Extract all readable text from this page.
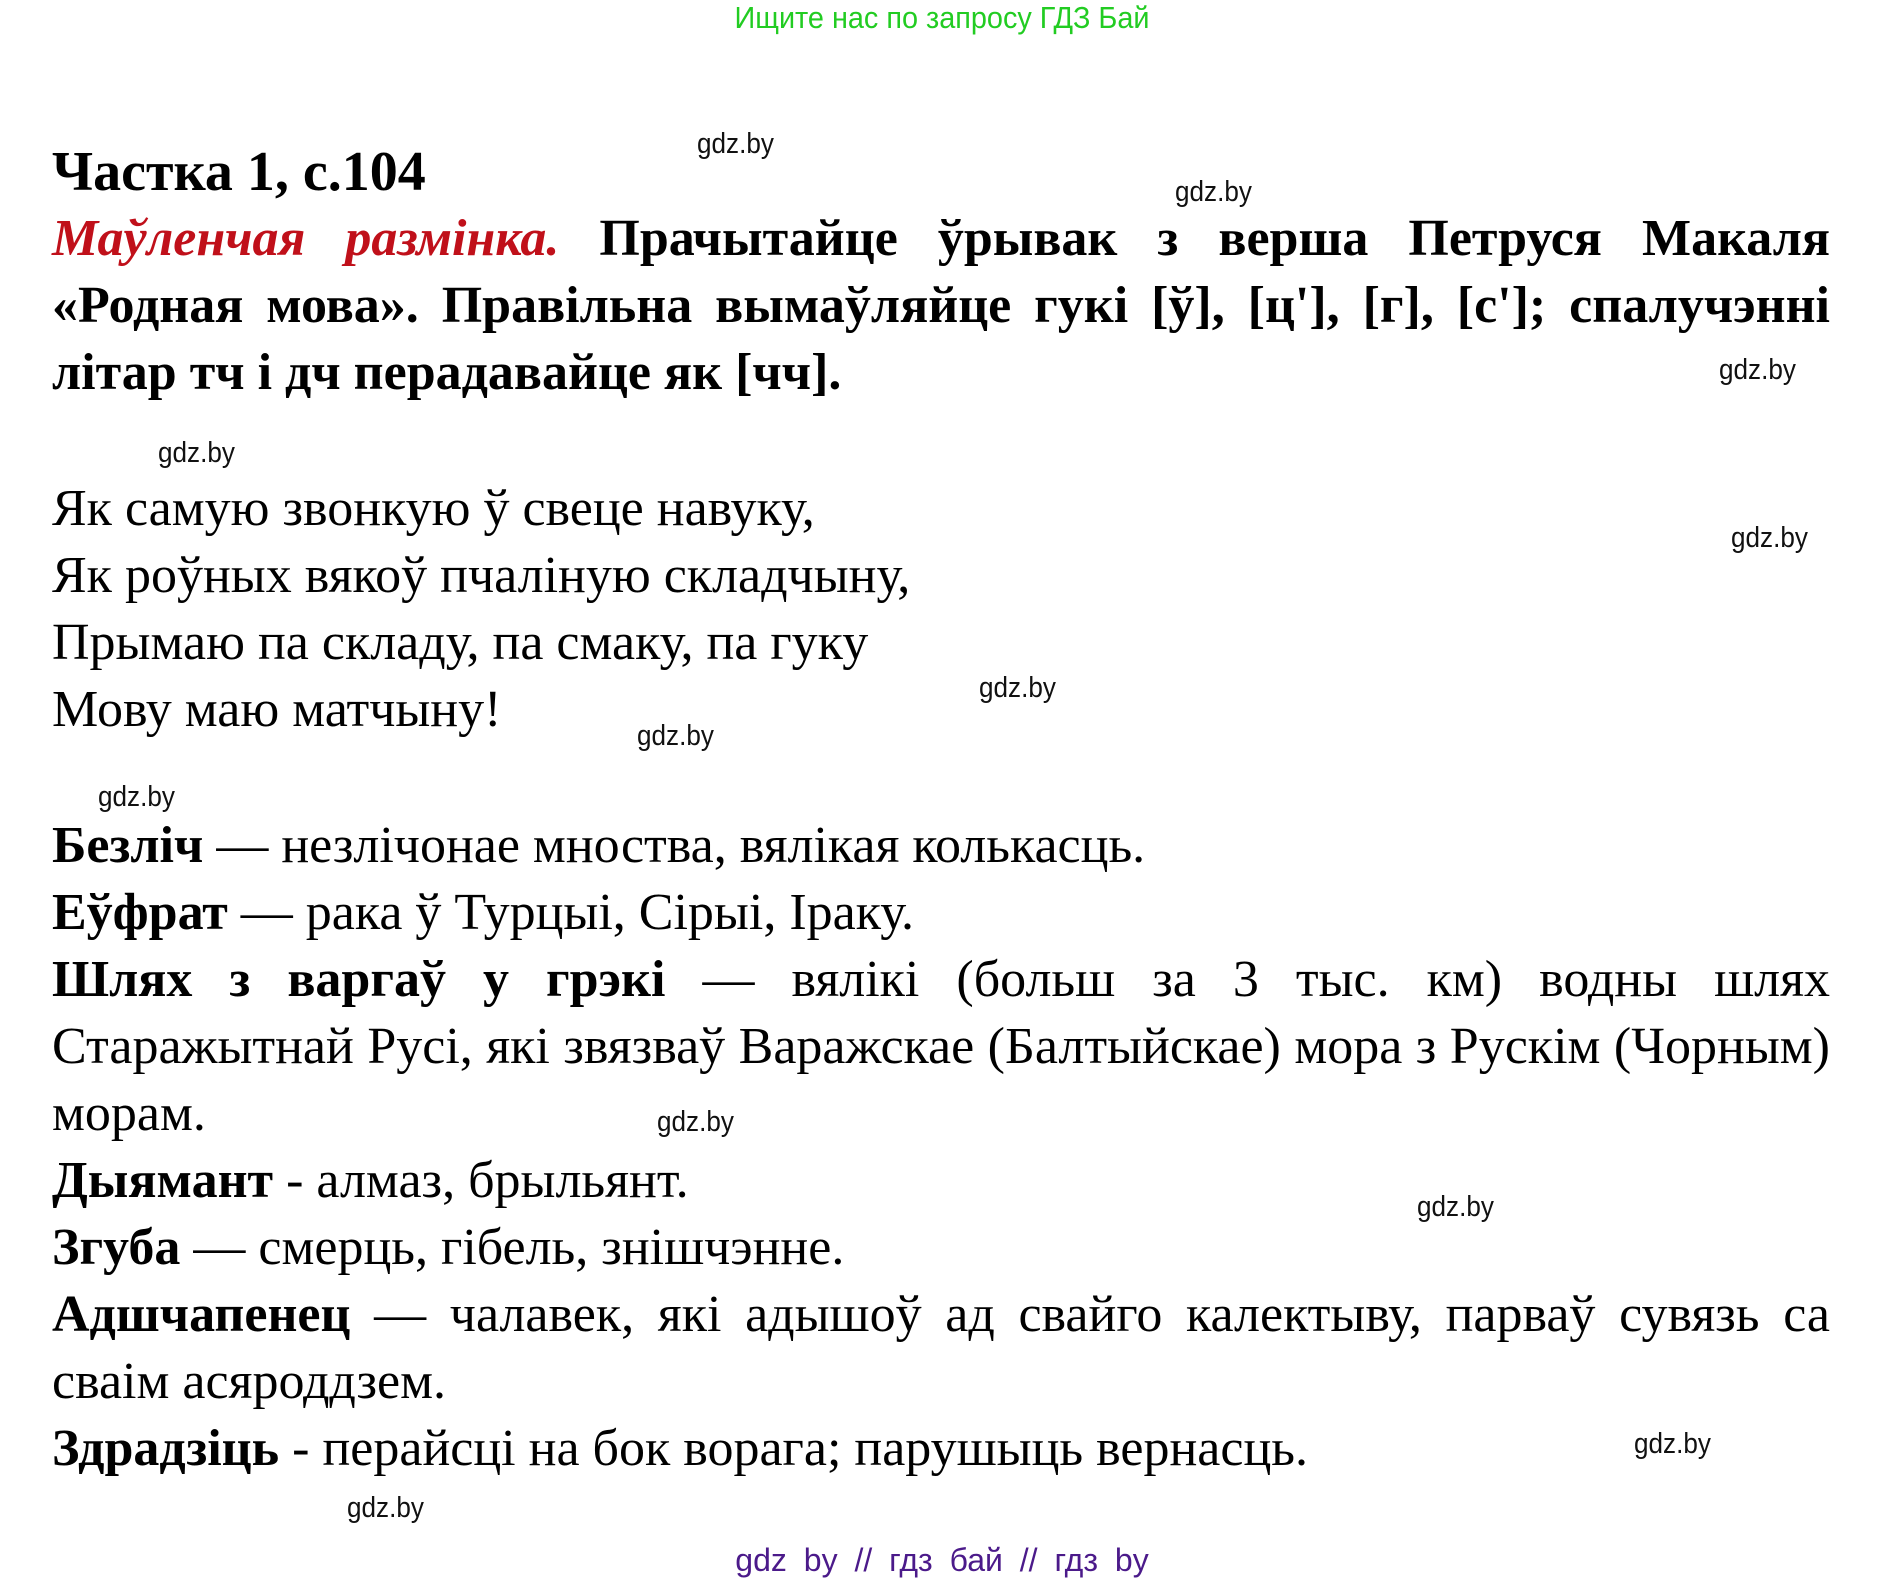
Ищите нас по запросу ГДЗ Бай
Частка 1, с.104
Маўленчая размінка. Прачытайце ўрывак з верша Петруся Макаля «Родная мова». Правільна вымаўляйце гукі [ў], [ц'], [г], [с']; спалучэнні літар тч і дч перадавайце як [чч].
Як самую звонкую ў свеце навуку,
Як роўных вякоў пчаліную складчыну,
Прымаю па складу, па смаку, па гуку
Мову маю матчыну!
Безліч — незлічонае мноства, вялікая колькасць.
Еўфрат — рака ў Турцыі, Сірыі, Іраку.
Шлях з варгаў у грэкі — вялікі (больш за 3 тыс. км) водны шлях Старажытнай Русі, які звязваў Варажскае (Балтыйскае) мора з Рускім (Чорным) морам.
Дыямант - алмаз, брыльянт.
Згуба — смерць, гібель, знішчэнне.
Адшчапенец — чалавек, які адышоў ад свайго калектыву, парваў сувязь са сваім асяроддзем.
Здрадзіць - перайсці на бок ворага; парушыць вернасць.
gdz.by
gdz.by
gdz.by
gdz.by
gdz.by
gdz.by
gdz.by
gdz.by
gdz.by
gdz.by
gdz.by
gdz.by
gdz by // гдз бай // гдз by
